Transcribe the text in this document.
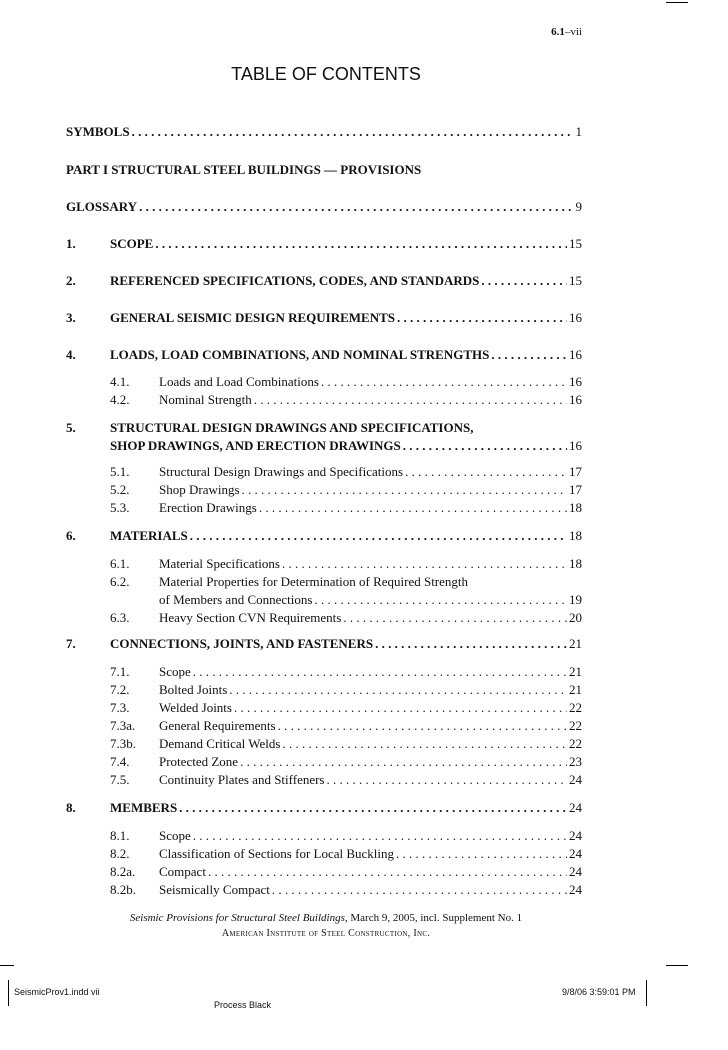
6.1–vii
TABLE OF CONTENTS
SYMBOLS . . .	1
PART I STRUCTURAL STEEL BUILDINGS — PROVISIONS
GLOSSARY . . .	9
1.	SCOPE . . .	15
2.	REFERENCED SPECIFICATIONS, CODES, AND STANDARDS . . .	15
3.	GENERAL SEISMIC DESIGN REQUIREMENTS . . .	16
4.	LOADS, LOAD COMBINATIONS, AND NOMINAL STRENGTHS . . .	16
4.1. Loads and Load Combinations . . .	16
4.2. Nominal Strength . . .	16
5.	STRUCTURAL DESIGN DRAWINGS AND SPECIFICATIONS,
SHOP DRAWINGS, AND ERECTION DRAWINGS . . .	16
5.1. Structural Design Drawings and Specifications . . .	17
5.2. Shop Drawings . . .	17
5.3. Erection Drawings . . .	18
6.	MATERIALS . . .	18
6.1. Material Specifications . . .	18
6.2. Material Properties for Determination of Required Strength
of Members and Connections . . .	19
6.3. Heavy Section CVN Requirements . . .	20
7.	CONNECTIONS, JOINTS, AND FASTENERS . . .	21
7.1. Scope . . .	21
7.2. Bolted Joints . . .	21
7.3. Welded Joints . . .	22
7.3a. General Requirements . . .	22
7.3b. Demand Critical Welds . . .	22
7.4. Protected Zone . . .	23
7.5. Continuity Plates and Stiffeners . . .	24
8.	MEMBERS . . .	24
8.1. Scope . . .	24
8.2. Classification of Sections for Local Buckling . . .	24
8.2a. Compact . . .	24
8.2b. Seismically Compact . . .	24
Seismic Provisions for Structural Steel Buildings, March 9, 2005, incl. Supplement No. 1
American Institute of Steel Construction, Inc.
SeismicProv1.indd vii	9/8/06 3:59:01 PM
Process Black
